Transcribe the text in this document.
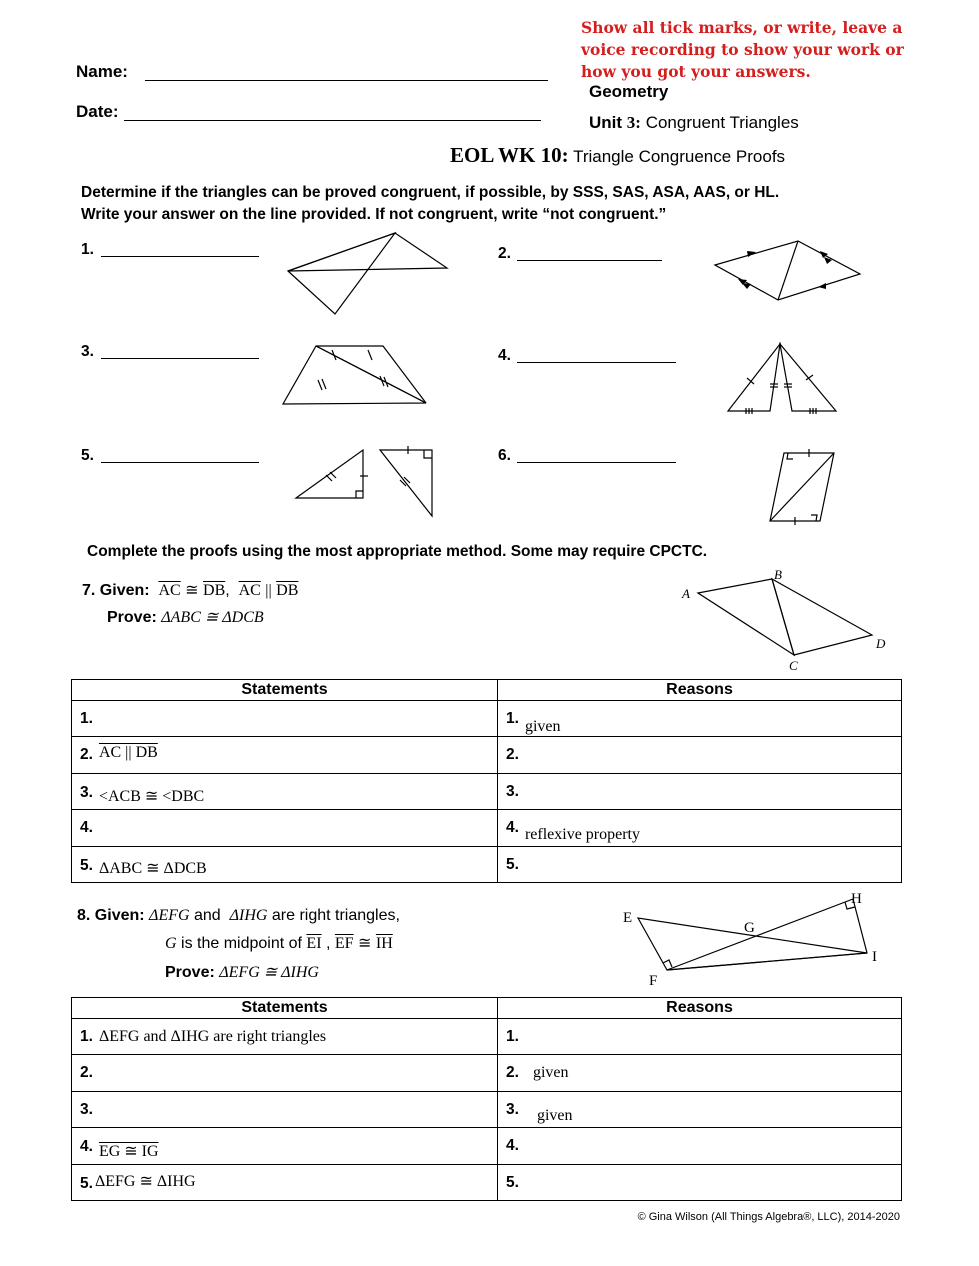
Show all tick marks, or write, leave a voice recording to show your work or how you got your answers.
Name:
Date:
Geometry
Unit 3: Congruent Triangles
EOL WK 10: Triangle Congruence Proofs
Determine if the triangles can be proved congruent, if possible, by SSS, SAS, ASA, AAS, or HL.
Write your answer on the line provided. If not congruent, write “not congruent.”
1.	2.
3.	4.
5.	6.
Complete the proofs using the most appropriate method. Some may require CPCTC.
7. Given: $\overline{AC}$ ≅ $\overline{DB}$, $\overline{AC}$ || $\overline{DB}$
Prove: ΔABC ≅ ΔDCB
A
B
C
D
Statements	Reasons
1.	1. given
2. AC || DB	2.
3. <ACB ≅ <DBC	3.
4.	4. reflexive property
5. ΔABC ≅ ΔDCB	5.
8. Given: ΔEFG and ΔIHG are right triangles,
G is the midpoint of $\overline{EI}$ , $\overline{EF}$ ≅ $\overline{IH}$
Prove: ΔEFG ≅ ΔIHG
E
F
G
H
I
Statements	Reasons
1. ΔEFG and ΔIHG are right triangles	1.
2.	2. given
3.	3. given
4. EG ≅ IG	4.
5. ΔEFG ≅ ΔIHG	5.
© Gina Wilson (All Things Algebra®, LLC), 2014-2020
